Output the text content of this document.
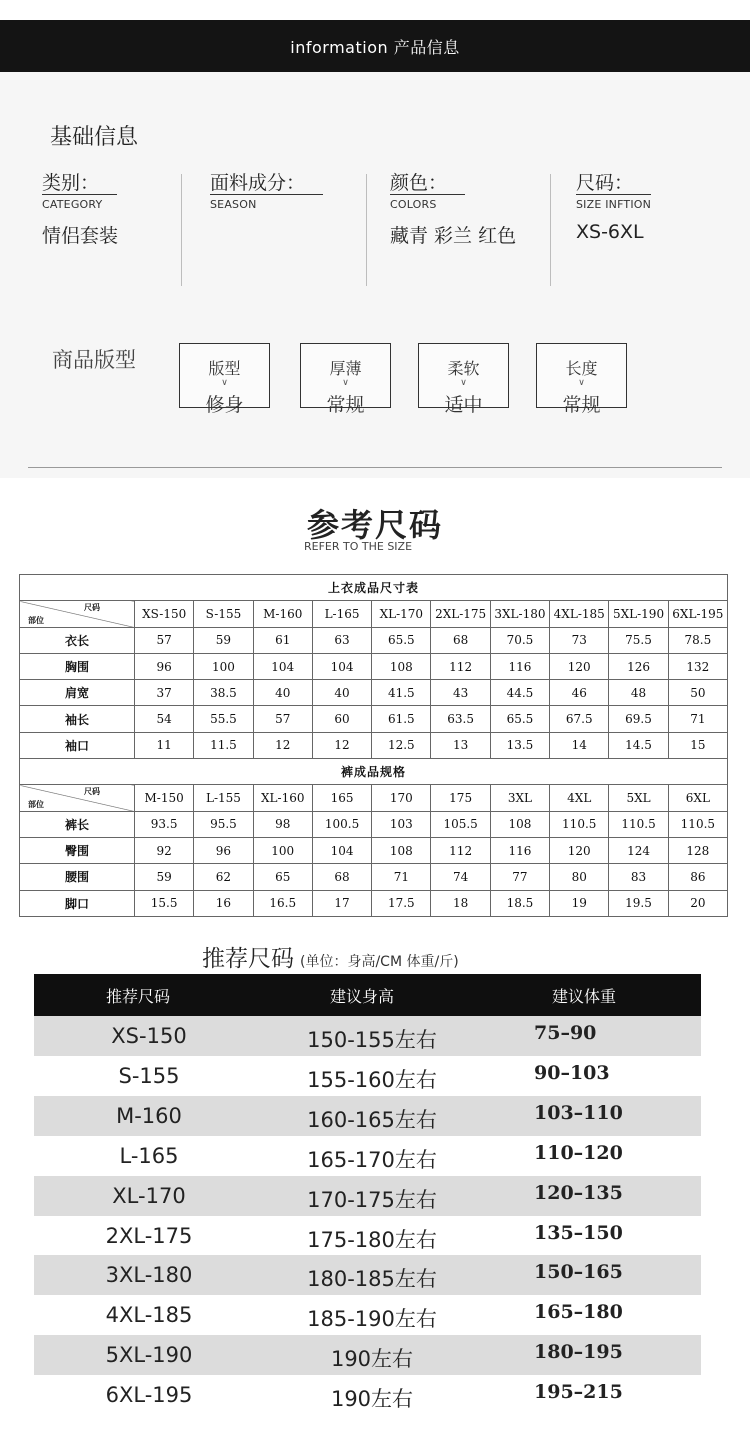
information 产品信息
基础信息
类别：
CATEGORY
情侣套装
面料成分：
SEASON
颜色：
COLORS
藏青 彩兰 红色
尺码：
SIZE INFTION
XS-6XL
商品版型	版型
∨
修身
厚薄
∨
常规
柔软
∨
适中
长度
∨
常规
参考尺码
REFER TO THE SIZE
上衣成品尺寸表										

尺码
部位	XS-150	S-155	M-160	L-165	XL-170	2XL-175	3XL-180	4XL-185	5XL-190	6XL-195
衣长	57	59	61	63	65.5	68	70.5	73	75.5	78.5
胸围	96	100	104	104	108	112	116	120	126	132
肩宽	37	38.5	40	40	41.5	43	44.5	46	48	50
袖长	54	55.5	57	60	61.5	63.5	65.5	67.5	69.5	71
袖口	11	11.5	12	12	12.5	13	13.5	14	14.5	15
裤成品规格										

尺码
部位	M-150	L-155	XL-160	165	170	175	3XL	4XL	5XL	6XL
裤长	93.5	95.5	98	100.5	103	105.5	108	110.5	110.5	110.5
臀围	92	96	100	104	108	112	116	120	124	128
腰围	59	62	65	68	71	74	77	80	83	86
脚口	15.5	16	16.5	17	17.5	18	18.5	19	19.5	20
推荐尺码 (单位：身高/CM 体重/斤)
推荐尺码	建议身高	建议体重
XS-150	150-155左右	75–90
S-155	155-160左右	90–103
M-160	160-165左右	103–110
L-165	165-170左右	110–120
XL-170	170-175左右	120–135
2XL-175	175-180左右	135–150
3XL-180	180-185左右	150–165
4XL-185	185-190左右	165–180
5XL-190	190左右	180–195
6XL-195	190左右	195–215
